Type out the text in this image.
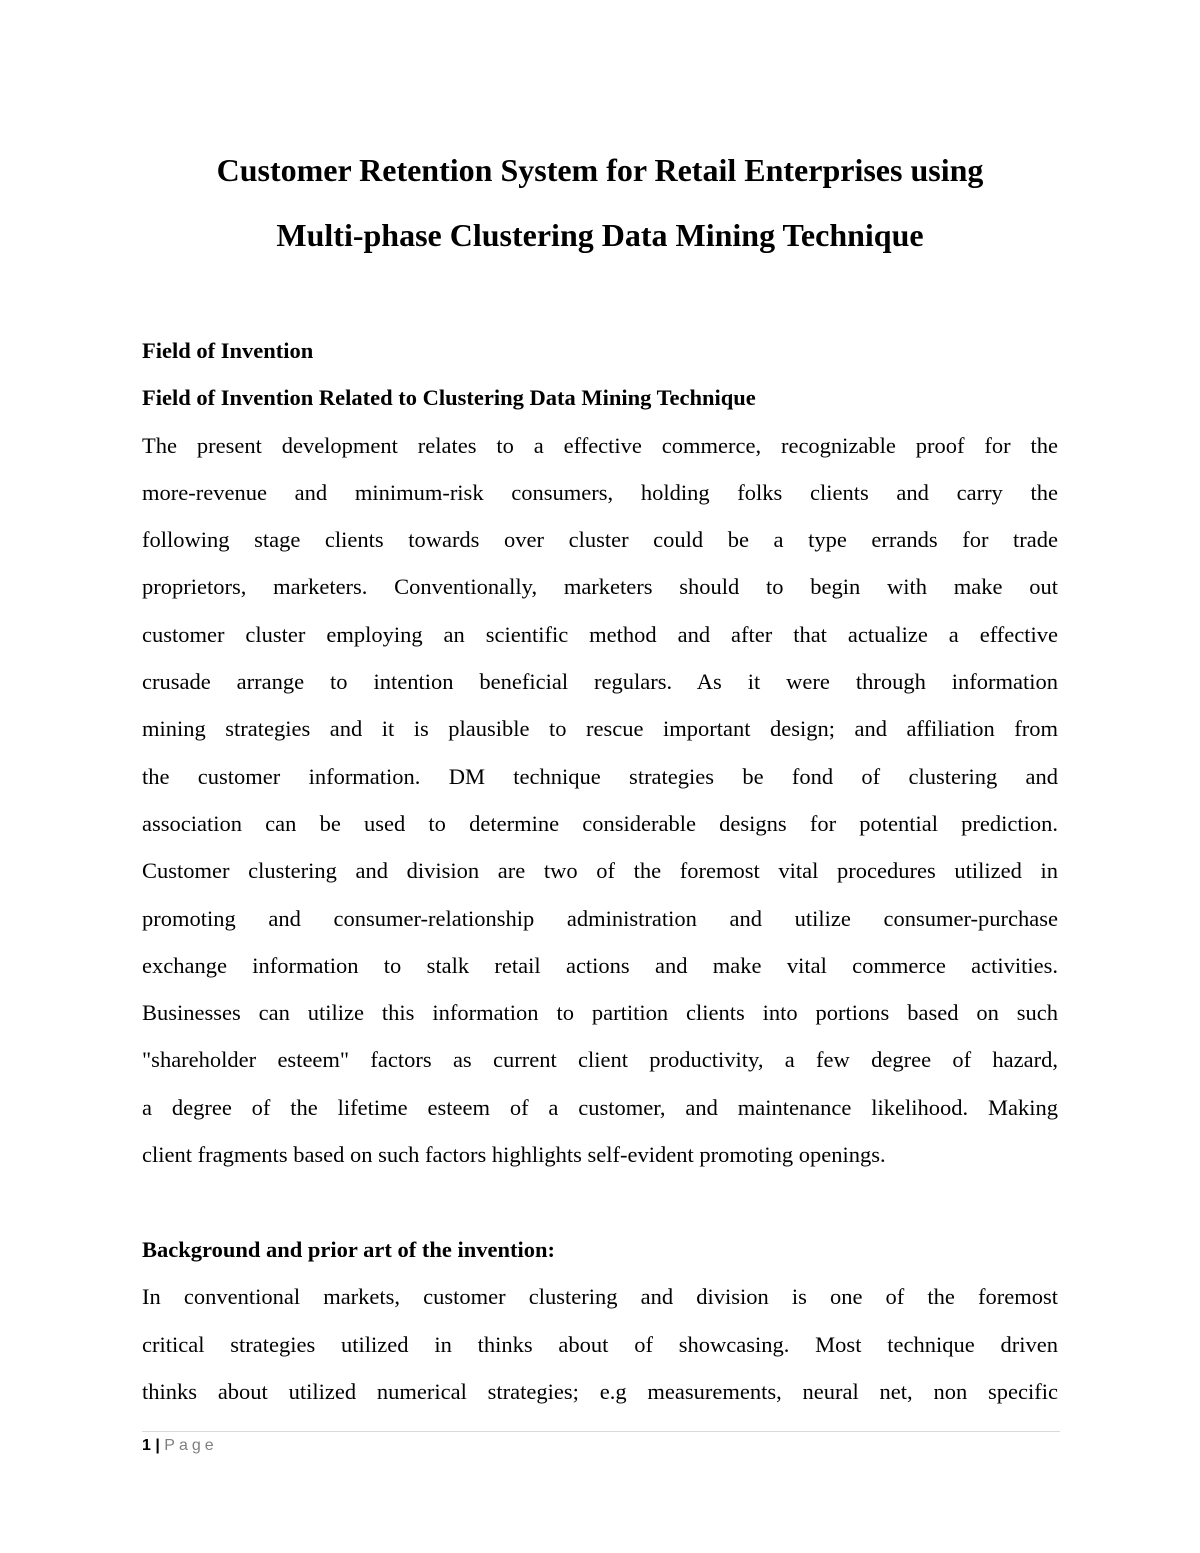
Customer Retention System for Retail Enterprises using
Multi-phase Clustering Data Mining Technique
Field of Invention
Field of Invention Related to Clustering Data Mining Technique
The present development relates to a effective commerce, recognizable proof for the
more-revenue and minimum-risk consumers, holding folks clients and carry the
following stage clients towards over cluster could be a type errands for trade
proprietors, marketers. Conventionally, marketers should to begin with make out
customer cluster employing an scientific method and after that actualize a effective
crusade arrange to intention beneficial regulars. As it were through information
mining strategies and it is plausible to rescue important design; and affiliation from
the customer information. DM technique strategies be fond of clustering and
association can be used to determine considerable designs for potential prediction.
Customer clustering and division are two of the foremost vital procedures utilized in
promoting and consumer-relationship administration and utilize consumer-purchase
exchange information to stalk retail actions and make vital commerce activities.
Businesses can utilize this information to partition clients into portions based on such
"shareholder esteem" factors as current client productivity, a few degree of hazard,
a degree of the lifetime esteem of a customer, and maintenance likelihood. Making
client fragments based on such factors highlights self-evident promoting openings.
Background and prior art of the invention:
In conventional markets, customer clustering and division is one of the foremost
critical strategies utilized in thinks about of showcasing. Most technique driven
thinks about utilized numerical strategies; e.g measurements, neural net, non specific
1 | Page
